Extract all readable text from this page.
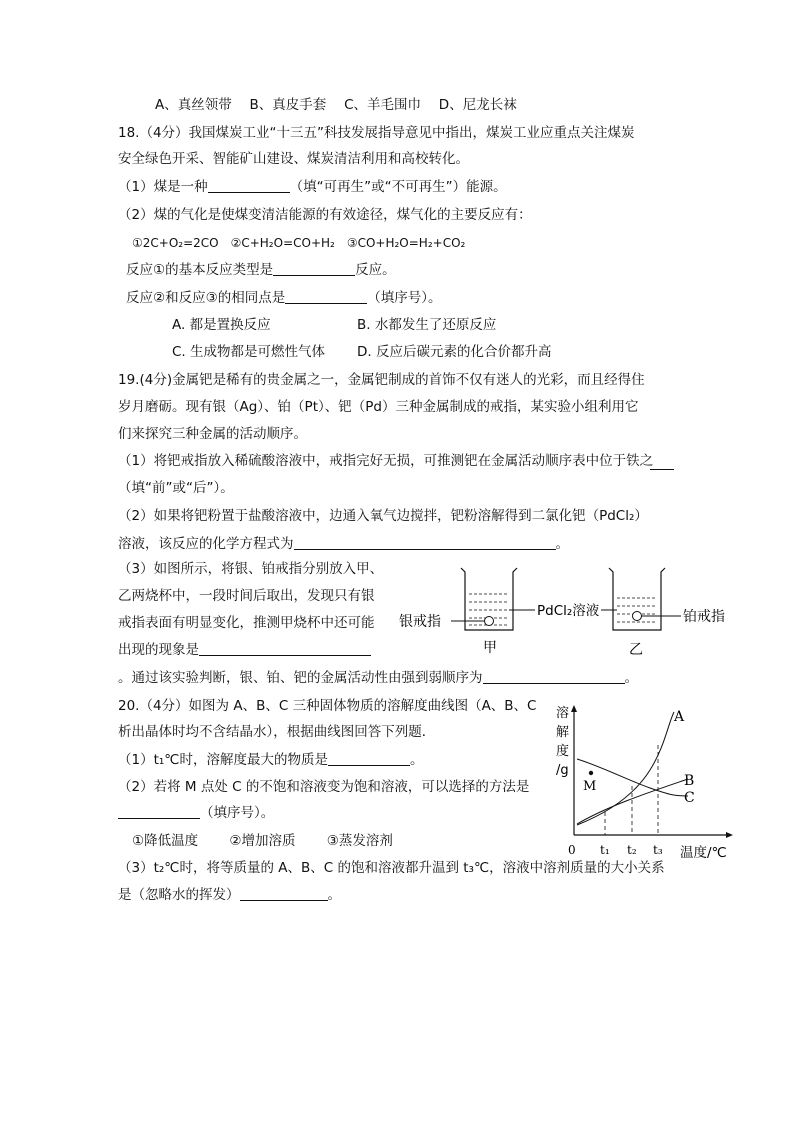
A、真丝领带　 B、真皮手套　 C、羊毛围巾　 D、尼龙长袜
18.（4分）我国煤炭工业“十三五”科技发展指导意见中指出，煤炭工业应重点关注煤炭
安全绿色开采、智能矿山建设、煤炭清洁利用和高校转化。
（1）煤是一种	（填“可再生”或“不可再生”）能源。
（2）煤的气化是使煤变清洁能源的有效途径，煤气化的主要反应有：
①2C+O₂=2CO　②C+H₂O=CO+H₂　③CO+H₂O=H₂+CO₂
反应①的基本反应类型是	反应。
反应②和反应③的相同点是	（填序号）。
A. 都是置换反应	B. 水都发生了还原反应
C. 生成物都是可燃性气体 D. 反应后碳元素的化合价都升高
19.(4分)金属钯是稀有的贵金属之一，金属钯制成的首饰不仅有迷人的光彩，而且经得住
岁月磨砺。现有银（Ag）、铂（Pt）、钯（Pd）三种金属制成的戒指，某实验小组利用它
们来探究三种金属的活动顺序。
（1）将钯戒指放入稀硫酸溶液中，戒指完好无损，可推测钯在金属活动顺序表中位于铁之
（填“前”或“后”）。
（2）如果将钯粉置于盐酸溶液中，边通入氧气边搅拌，钯粉溶解得到二氯化钯（PdCl₂）
溶液，该反应的化学方程式为	。
（3）如图所示，将银、铂戒指分别放入甲、
乙两烧杯中，一段时间后取出，发现只有银
戒指表面有明显变化，推测甲烧杯中还可能
出现的现象是
。通过该实验判断，银、铂、钯的金属活动性由强到弱顺序为	。
银戒指
PdCl₂溶液	铂戒指
甲	乙
20.（4分）如图为 A、B、C 三种固体物质的溶解度曲线图（A、B、C
析出晶体时均不含结晶水），根据曲线图回答下列题．
（1）t₁℃时，溶解度最大的物质是	。
（2）若将 M 点处 C 的不饱和溶液变为饱和溶液，可以选择的方法是
（填序号）。
①降低温度　　 ②增加溶质　　 ③蒸发溶剂
（3）t₂℃时，将等质量的 A、B、C 的饱和溶液都升温到 t₃℃，溶液中溶剂质量的大小关系
是（忽略水的挥发）	。
M
A
B
C
溶
解
度
/g
0 t₁ t₂ t₃ 温度/℃
